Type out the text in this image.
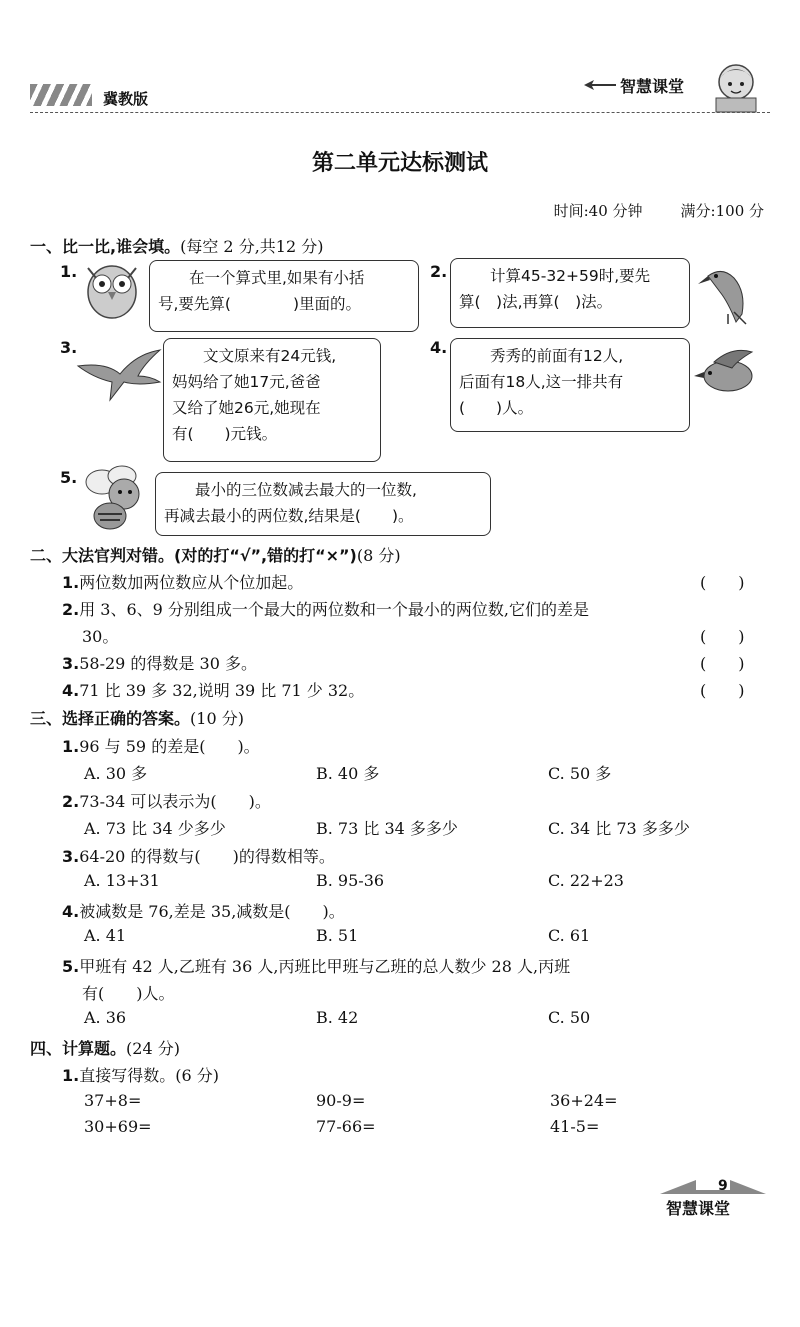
冀教版
智慧课堂
第二单元达标测试
时间:40 分钟	满分:100 分
一、比一比,谁会填。(每空 2 分,共12 分)
1.	在一个算式里,如果有小括
号,要先算(　　　　)里面的。
2.	计算45-32+59时,要先
算(　)法,再算(　)法。
3.	文文原来有24元钱,
妈妈给了她17元,爸爸
又给了她26元,她现在
有(　　)元钱。
4.	秀秀的前面有12人,
后面有18人,这一排共有
(　　)人。
5.
最小的三位数减去最大的一位数,
再减去最小的两位数,结果是(　　)。
二、大法官判对错。(对的打“√”,错的打“×”)(8 分)
1.两位数加两位数应从个位加起。	(　　)
2.用 3、6、9 分别组成一个最大的两位数和一个最小的两位数,它们的差是
30。	(　　)
3.58-29 的得数是 30 多。	(　　)
4.71 比 39 多 32,说明 39 比 71 少 32。	(　　)
三、选择正确的答案。(10 分)
1.96 与 59 的差是(　　)。
A. 30 多	B. 40 多	C. 50 多
2.73-34 可以表示为(　　)。
A. 73 比 34 少多少	B. 73 比 34 多多少	C. 34 比 73 多多少
3.64-20 的得数与(　　)的得数相等。
A. 13+31	B. 95-36	C. 22+23
4.被减数是 76,差是 35,减数是(　　)。
A. 41	B. 51	C. 61
5.甲班有 42 人,乙班有 36 人,丙班比甲班与乙班的总人数少 28 人,丙班
有(　　)人。
A. 36	B. 42	C. 50
四、计算题。(24 分)
1.直接写得数。(6 分)
37+8=	90-9=	36+24=
30+69=	77-66=	41-5=
9
智慧课堂
